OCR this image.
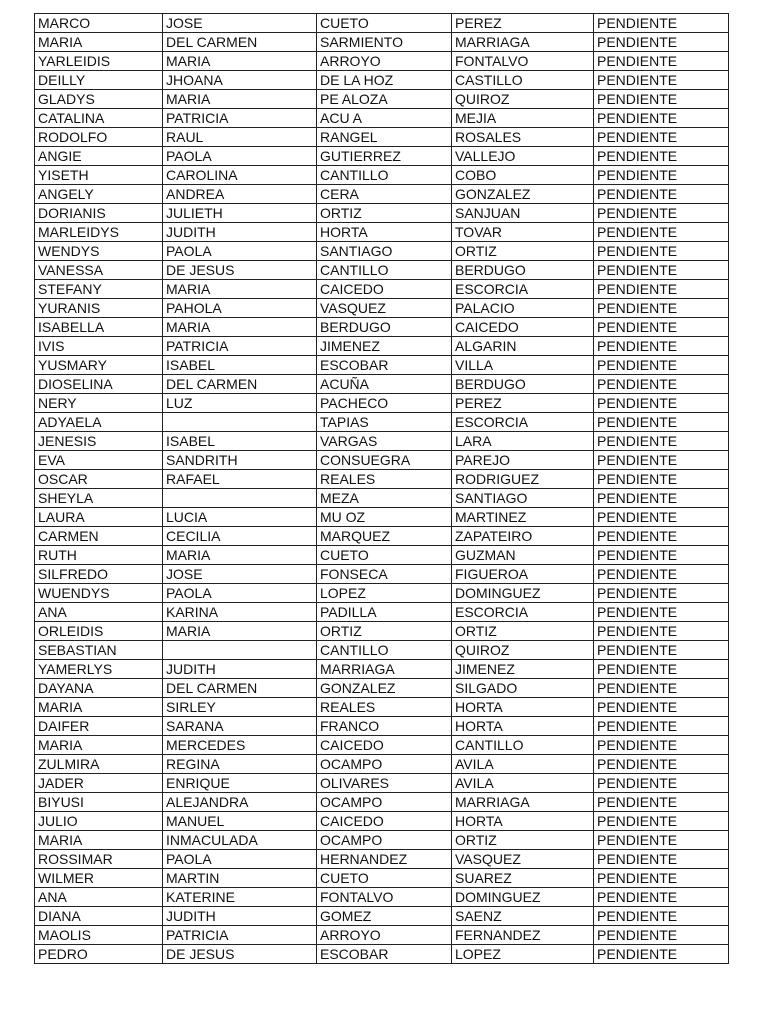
MARCO	JOSE	CUETO	PEREZ	PENDIENTE
MARIA	DEL CARMEN	SARMIENTO	MARRIAGA	PENDIENTE
YARLEIDIS	MARIA	ARROYO	FONTALVO	PENDIENTE
DEILLY	JHOANA	DE LA HOZ	CASTILLO	PENDIENTE
GLADYS	MARIA	PE ALOZA	QUIROZ	PENDIENTE
CATALINA	PATRICIA	ACU A	MEJIA	PENDIENTE
RODOLFO	RAUL	RANGEL	ROSALES	PENDIENTE
ANGIE	PAOLA	GUTIERREZ	VALLEJO	PENDIENTE
YISETH	CAROLINA	CANTILLO	COBO	PENDIENTE
ANGELY	ANDREA	CERA	GONZALEZ	PENDIENTE
DORIANIS	JULIETH	ORTIZ	SANJUAN	PENDIENTE
MARLEIDYS	JUDITH	HORTA	TOVAR	PENDIENTE
WENDYS	PAOLA	SANTIAGO	ORTIZ	PENDIENTE
VANESSA	DE JESUS	CANTILLO	BERDUGO	PENDIENTE
STEFANY	MARIA	CAICEDO	ESCORCIA	PENDIENTE
YURANIS	PAHOLA	VASQUEZ	PALACIO	PENDIENTE
ISABELLA	MARIA	BERDUGO	CAICEDO	PENDIENTE
IVIS	PATRICIA	JIMENEZ	ALGARIN	PENDIENTE
YUSMARY	ISABEL	ESCOBAR	VILLA	PENDIENTE
DIOSELINA	DEL CARMEN	ACUÑA	BERDUGO	PENDIENTE
NERY	LUZ	PACHECO	PEREZ	PENDIENTE
ADYAELA		TAPIAS	ESCORCIA	PENDIENTE
JENESIS	ISABEL	VARGAS	LARA	PENDIENTE
EVA	SANDRITH	CONSUEGRA	PAREJO	PENDIENTE
OSCAR	RAFAEL	REALES	RODRIGUEZ	PENDIENTE
SHEYLA		MEZA	SANTIAGO	PENDIENTE
LAURA	LUCIA	MU OZ	MARTINEZ	PENDIENTE
CARMEN	CECILIA	MARQUEZ	ZAPATEIRO	PENDIENTE
RUTH	MARIA	CUETO	GUZMAN	PENDIENTE
SILFREDO	JOSE	FONSECA	FIGUEROA	PENDIENTE
WUENDYS	PAOLA	LOPEZ	DOMINGUEZ	PENDIENTE
ANA	KARINA	PADILLA	ESCORCIA	PENDIENTE
ORLEIDIS	MARIA	ORTIZ	ORTIZ	PENDIENTE
SEBASTIAN		CANTILLO	QUIROZ	PENDIENTE
YAMERLYS	JUDITH	MARRIAGA	JIMENEZ	PENDIENTE
DAYANA	DEL CARMEN	GONZALEZ	SILGADO	PENDIENTE
MARIA	SIRLEY	REALES	HORTA	PENDIENTE
DAIFER	SARANA	FRANCO	HORTA	PENDIENTE
MARIA	MERCEDES	CAICEDO	CANTILLO	PENDIENTE
ZULMIRA	REGINA	OCAMPO	AVILA	PENDIENTE
JADER	ENRIQUE	OLIVARES	AVILA	PENDIENTE
BIYUSI	ALEJANDRA	OCAMPO	MARRIAGA	PENDIENTE
JULIO	MANUEL	CAICEDO	HORTA	PENDIENTE
MARIA	INMACULADA	OCAMPO	ORTIZ	PENDIENTE
ROSSIMAR	PAOLA	HERNANDEZ	VASQUEZ	PENDIENTE
WILMER	MARTIN	CUETO	SUAREZ	PENDIENTE
ANA	KATERINE	FONTALVO	DOMINGUEZ	PENDIENTE
DIANA	JUDITH	GOMEZ	SAENZ	PENDIENTE
MAOLIS	PATRICIA	ARROYO	FERNANDEZ	PENDIENTE
PEDRO	DE JESUS	ESCOBAR	LOPEZ	PENDIENTE
